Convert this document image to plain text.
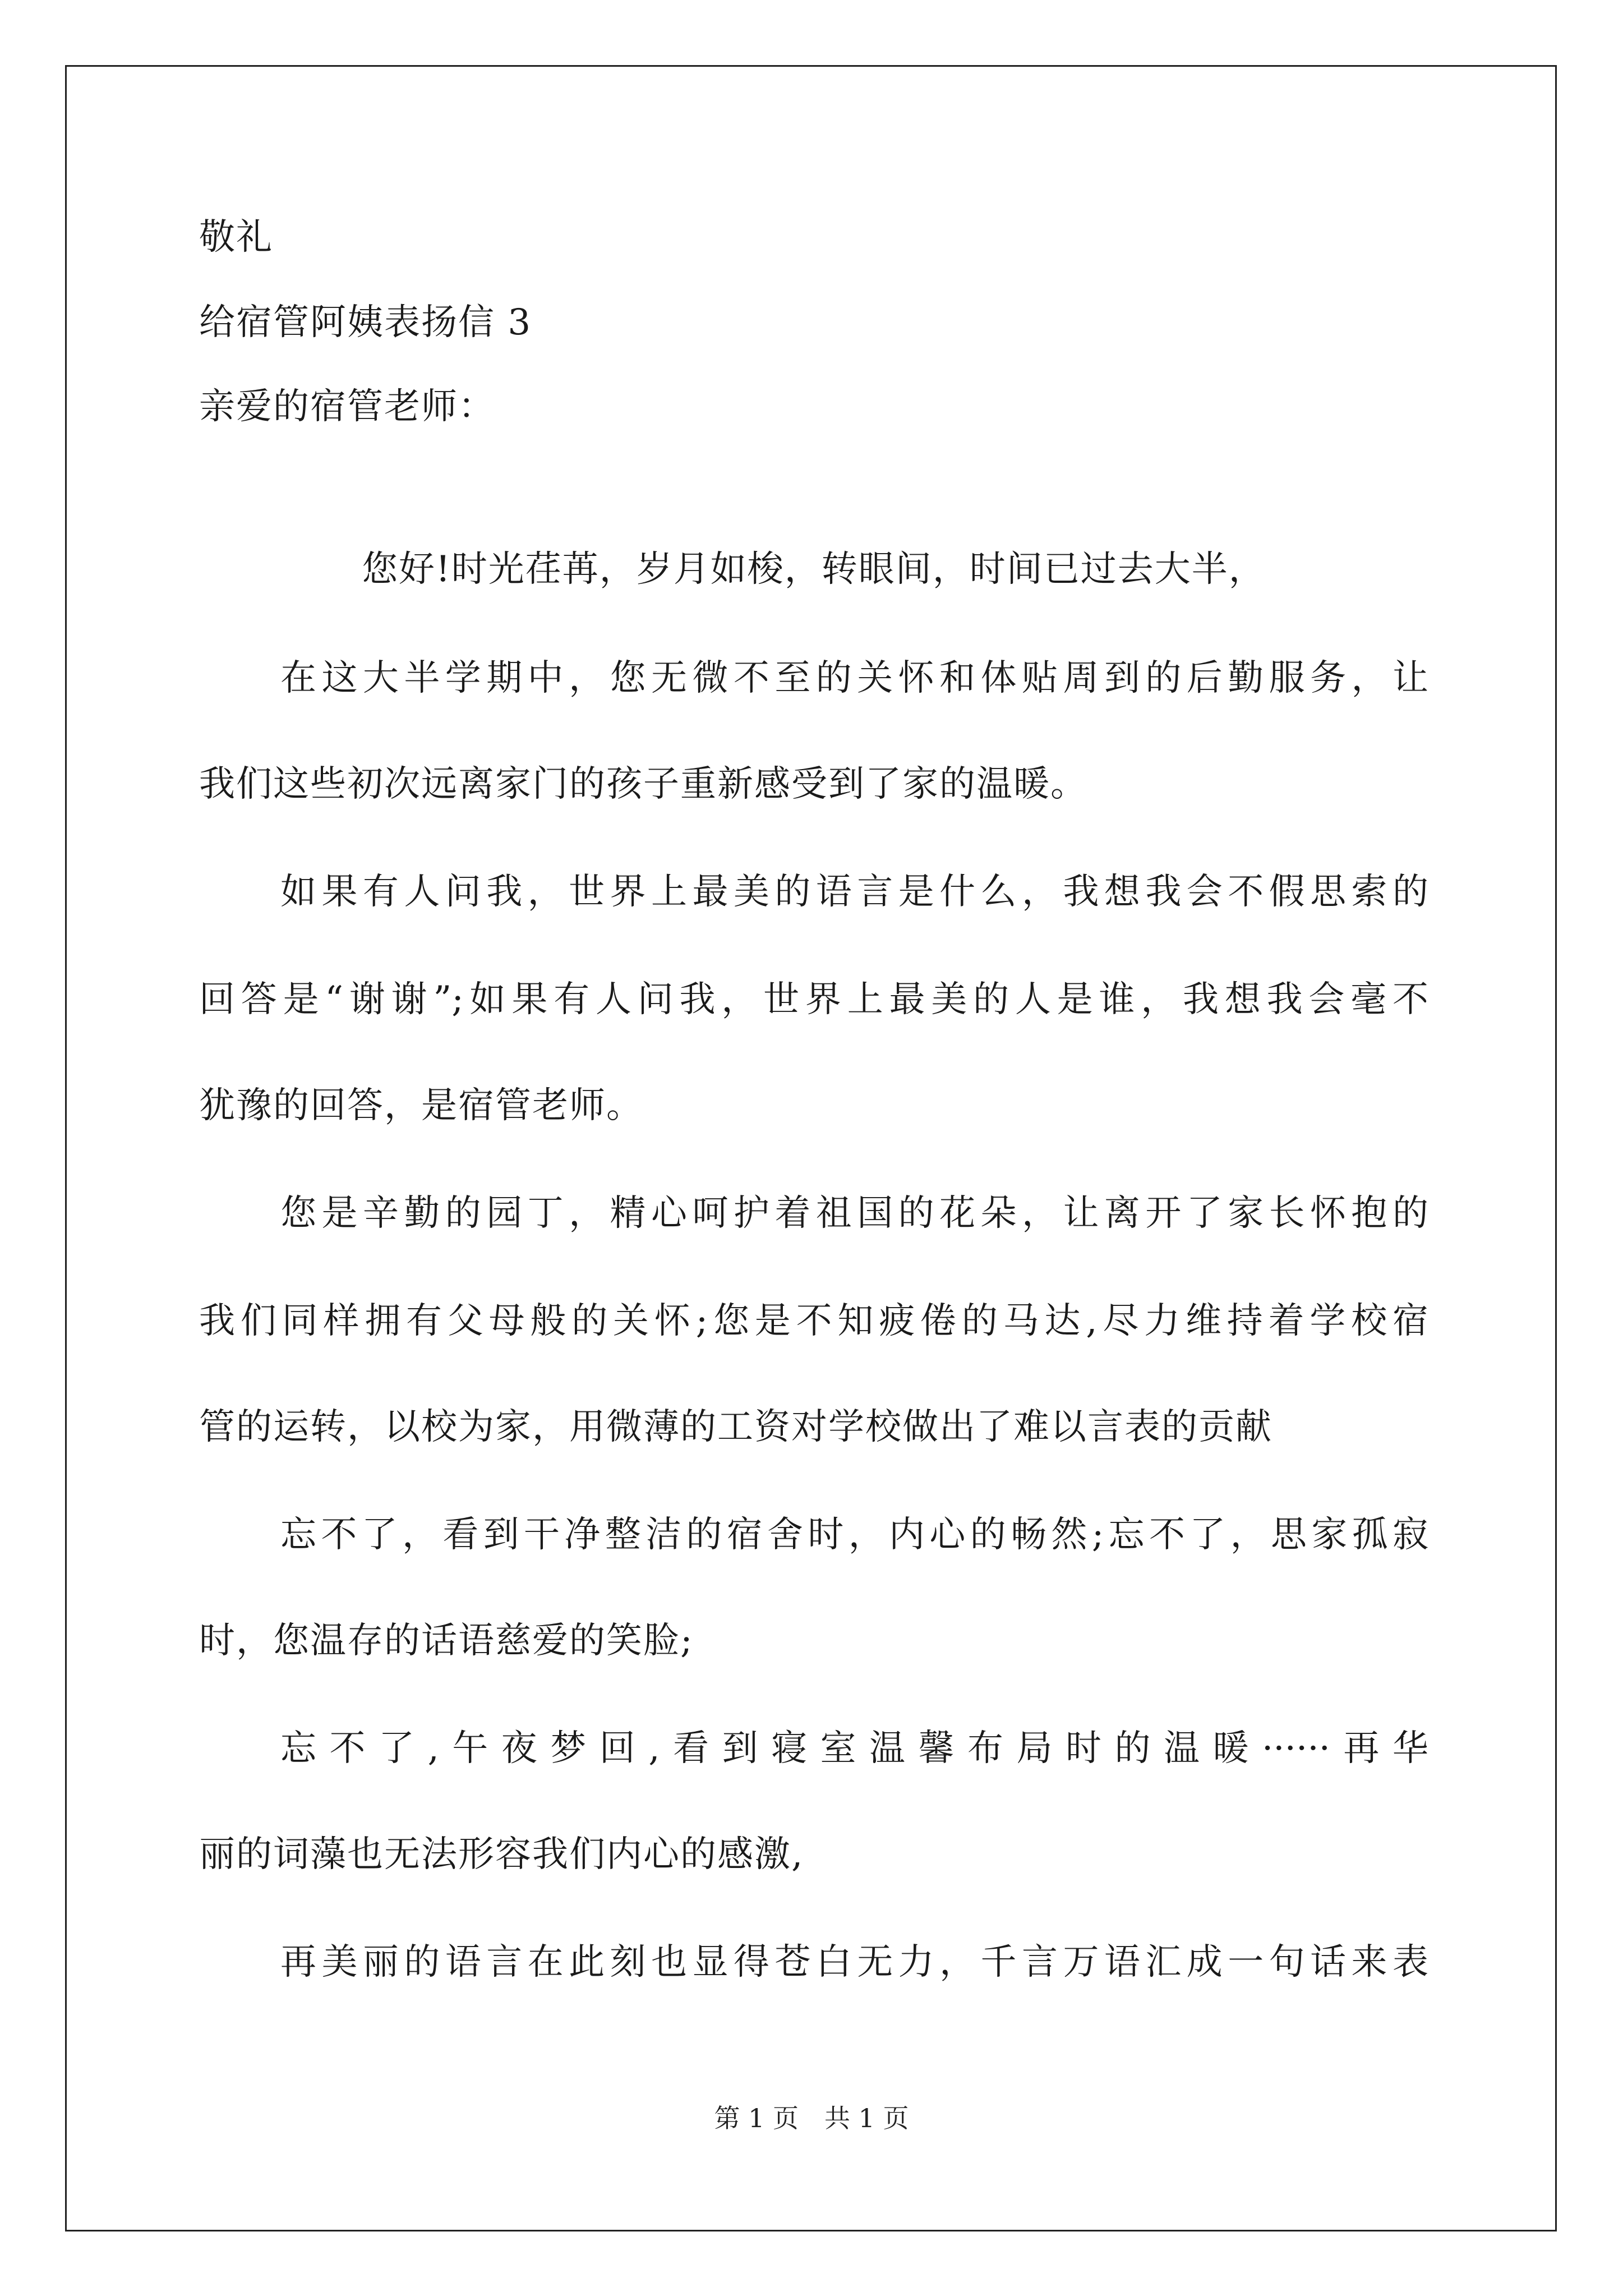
敬礼
给宿管阿姨表扬信 3
亲爱的宿管老师：
您好!时光荏苒，岁月如梭，转眼间，时间已过去大半，
在这大半学期中，您无微不至的关怀和体贴周到的后勤服务，让
我们这些初次远离家门的孩子重新感受到了家的温暖。
如果有人问我，世界上最美的语言是什么，我想我会不假思索的
回答是“谢谢”;如果有人问我，世界上最美的人是谁，我想我会毫不
犹豫的回答，是宿管老师。
您是辛勤的园丁，精心呵护着祖国的花朵，让离开了家长怀抱的
我们同样拥有父母般的关怀;您是不知疲倦的马达,尽力维持着学校宿
管的运转，以校为家，用微薄的工资对学校做出了难以言表的贡献
忘不了，看到干净整洁的宿舍时，内心的畅然;忘不了，思家孤寂
时，您温存的话语慈爱的笑脸;
忘不了,午夜梦回,看到寝室温馨布局时的温暖······再华
丽的词藻也无法形容我们内心的感激,
再美丽的语言在此刻也显得苍白无力，千言万语汇成一句话来表
第 1 页　共 1 页
